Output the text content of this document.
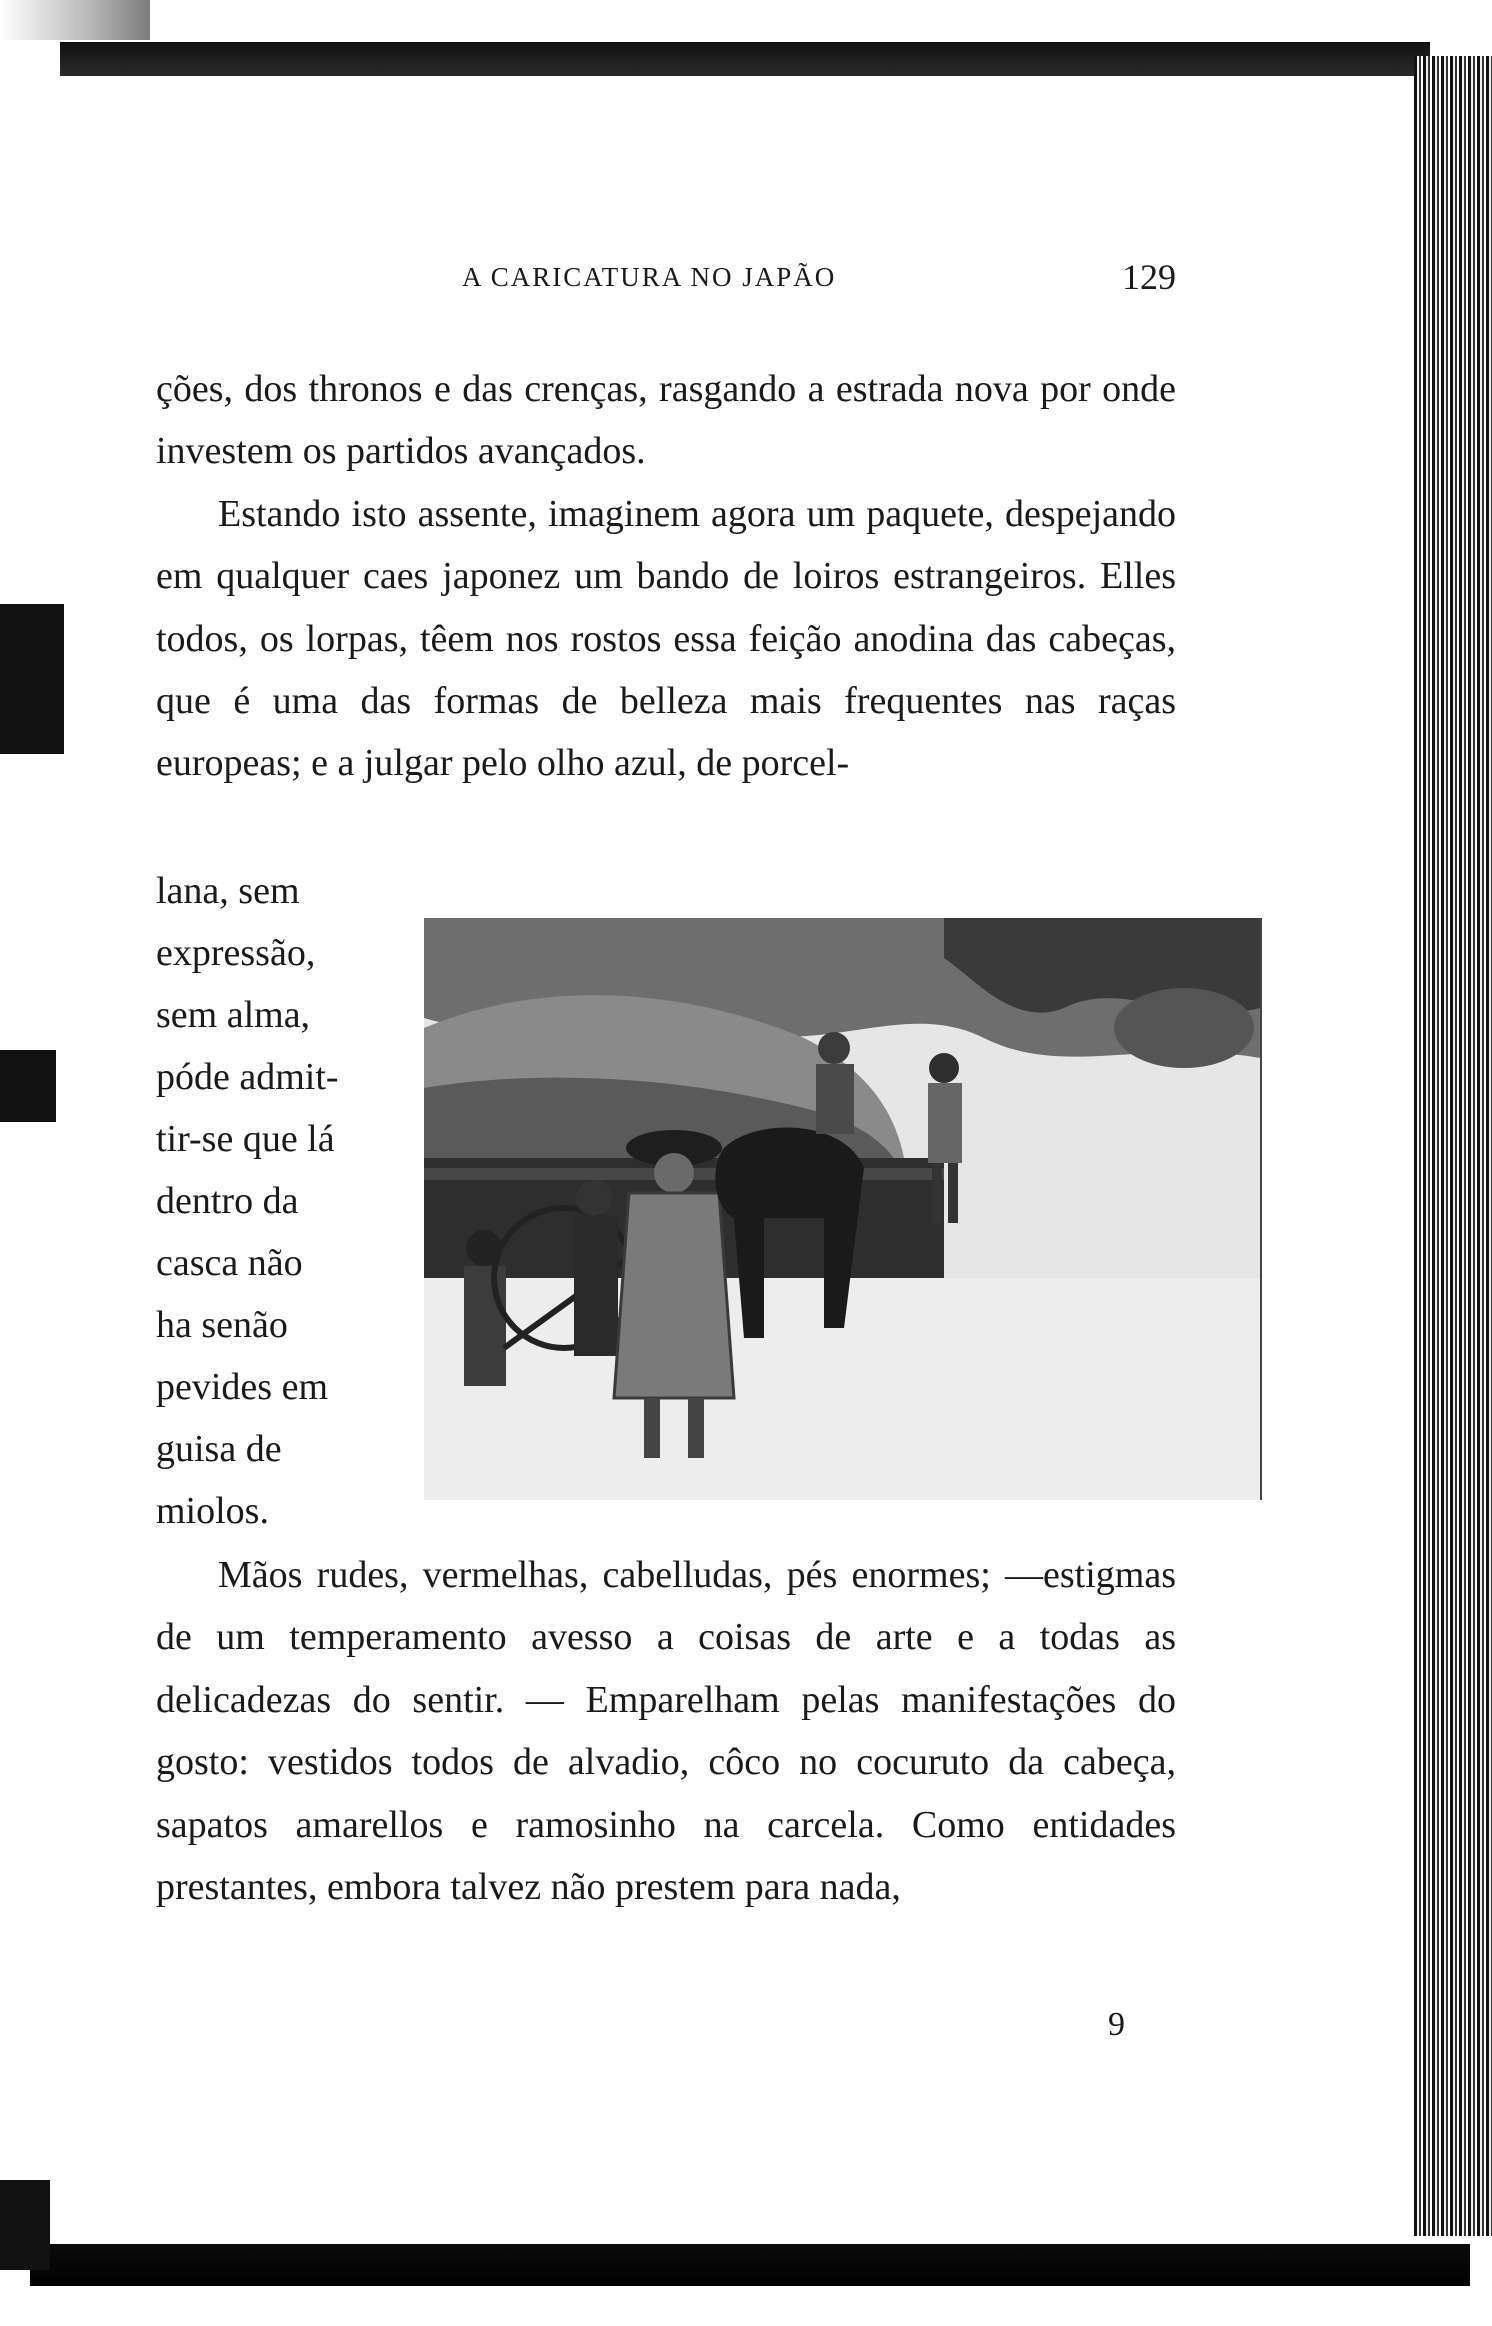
A CARICATURA NO JAPÃO	129

ções, dos thronos e das crenças, rasgando a estrada nova por onde investem os partidos avançados.

Estando isto assente, imaginem agora um paquete, despejando em qualquer caes japonez um bando de loiros estrangeiros. Elles todos, os lorpas, têem nos rostos essa feição anodina das cabeças, que é uma das formas de belleza mais frequentes nas raças europeas; e a julgar pelo olho azul, de porcel-

lana, sem
expressão,
sem alma,
póde admit-
tir-se que lá
dentro da
casca não
ha senão
pevides em
guisa de
miolos.

Mãos rudes, vermelhas, cabelludas, pés enormes; —estigmas de um temperamento avesso a coisas de arte e a todas as delicadezas do sentir. — Emparelham pelas manifestações do gosto: vestidos todos de alvadio, côco no cocuruto da cabeça, sapatos amarellos e ramosinho na carcela. Como entidades prestantes, embora talvez não prestem para nada,

9
